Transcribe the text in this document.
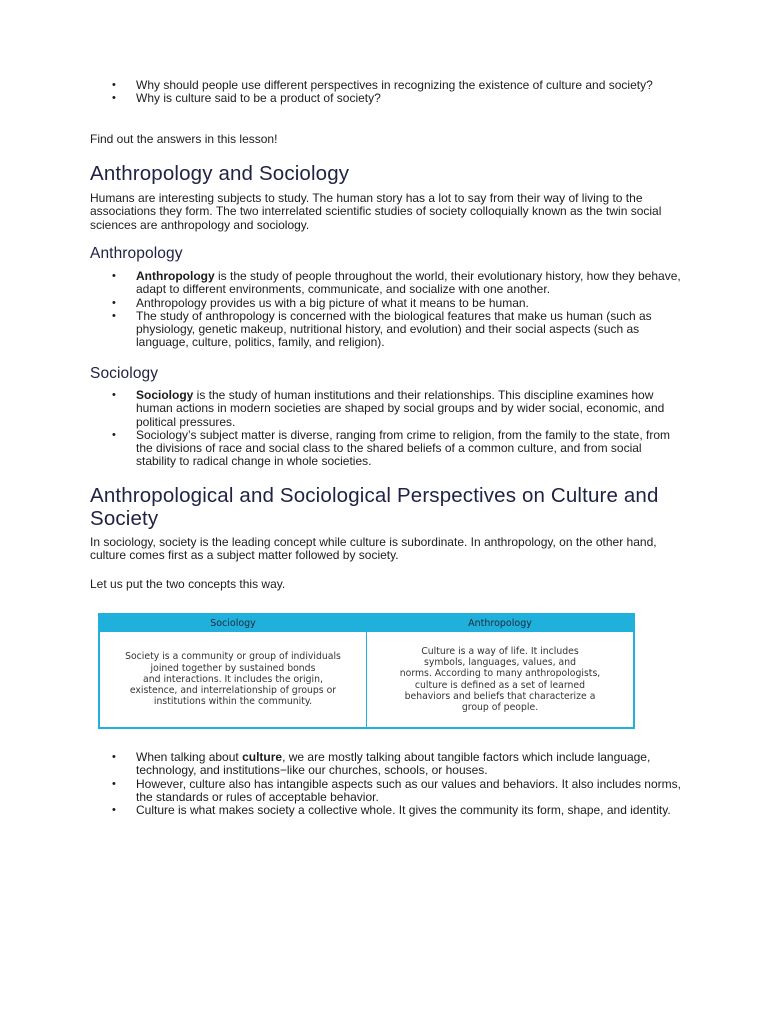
• Why should people use different perspectives in recognizing the existence of culture and society?
• Why is culture said to be a product of society?

Find out the answers in this lesson!

Anthropology and Sociology

Humans are interesting subjects to study. The human story has a lot to say from their way of living to the associations they form. The two interrelated scientific studies of society colloquially known as the twin social sciences are anthropology and sociology.

Anthropology
• Anthropology is the study of people throughout the world, their evolutionary history, how they behave, adapt to different environments, communicate, and socialize with one another.
• Anthropology provides us with a big picture of what it means to be human.
• The study of anthropology is concerned with the biological features that make us human (such as physiology, genetic makeup, nutritional history, and evolution) and their social aspects (such as language, culture, politics, family, and religion).
Sociology
• Sociology is the study of human institutions and their relationships. This discipline examines how human actions in modern societies are shaped by social groups and by wider social, economic, and political pressures.
• Sociology’s subject matter is diverse, ranging from crime to religion, from the family to the state, from the divisions of race and social class to the shared beliefs of a common culture, and from social stability to radical change in whole societies.
Anthropological and Sociological Perspectives on Culture and Society

In sociology, society is the leading concept while culture is subordinate. In anthropology, on the other hand, culture comes first as a subject matter followed by society.

Let us put the two concepts this way.

Sociology
Society is a community or group of individuals
joined together by sustained bonds
and interactions. It includes the origin,
existence, and interrelationship of groups or
institutions within the community.
Anthropology
Culture is a way of life. It includes
symbols, languages, values, and
norms. According to many anthropologists,
culture is defined as a set of learned
behaviors and beliefs that characterize a
group of people.
• When talking about culture, we are mostly talking about tangible factors which include language, technology, and institutions−like our churches, schools, or houses.
• However, culture also has intangible aspects such as our values and behaviors. It also includes norms, the standards or rules of acceptable behavior.
• Culture is what makes society a collective whole. It gives the community its form, shape, and identity.
